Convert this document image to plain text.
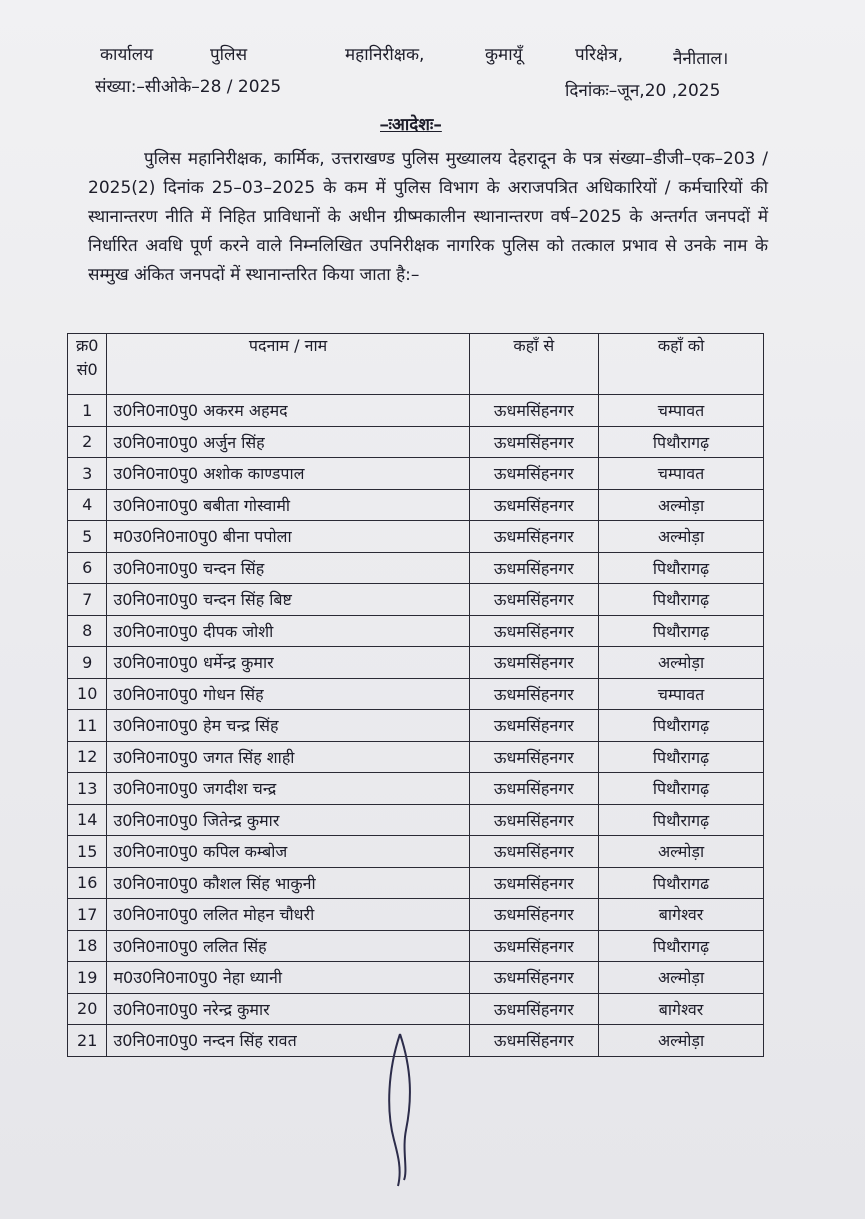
कार्यालय	पुलिस	महानिरीक्षक,	कुमायूँ	परिक्षेत्र,	नैनीताल।
संख्या:–सीओके–28 / 2025	दिनांकः–जून,20 ,2025
–ःआदेशः–
पुलिस महानिरीक्षक, कार्मिक, उत्तराखण्ड पुलिस मुख्यालय देहरादून के पत्र संख्या–डीजी–एक–203 / 2025(2) दिनांक 25–03–2025 के कम में पुलिस विभाग के अराजपत्रित अधिकारियों / कर्मचारियों की स्थानान्तरण नीति में निहित प्राविधानों के अधीन ग्रीष्मकालीन स्थानान्तरण वर्ष–2025 के अन्तर्गत जनपदों में निर्धारित अवधि पूर्ण करने वाले निम्नलिखित उपनिरीक्षक नागरिक पुलिस को तत्काल प्रभाव से उनके नाम के सम्मुख अंकित जनपदों में स्थानान्तरित किया जाता है:–
क्र0
सं0	पदनाम / नाम	कहाँ से	कहाँ को
1	उ0नि0ना0पु0 अकरम अहमद	ऊधमसिंहनगर	चम्पावत
2	उ0नि0ना0पु0 अर्जुन सिंह	ऊधमसिंहनगर	पिथौरागढ़
3	उ0नि0ना0पु0 अशोक काण्डपाल	ऊधमसिंहनगर	चम्पावत
4	उ0नि0ना0पु0 बबीता गोस्वामी	ऊधमसिंहनगर	अल्मोड़ा
5	म0उ0नि0ना0पु0 बीना पपोला	ऊधमसिंहनगर	अल्मोड़ा
6	उ0नि0ना0पु0 चन्दन सिंह	ऊधमसिंहनगर	पिथौरागढ़
7	उ0नि0ना0पु0 चन्दन सिंह बिष्ट	ऊधमसिंहनगर	पिथौरागढ़
8	उ0नि0ना0पु0 दीपक जोशी	ऊधमसिंहनगर	पिथौरागढ़
9	उ0नि0ना0पु0 धर्मेन्द्र कुमार	ऊधमसिंहनगर	अल्मोड़ा
10	उ0नि0ना0पु0 गोधन सिंह	ऊधमसिंहनगर	चम्पावत
11	उ0नि0ना0पु0 हेम चन्द्र सिंह	ऊधमसिंहनगर	पिथौरागढ़
12	उ0नि0ना0पु0 जगत सिंह शाही	ऊधमसिंहनगर	पिथौरागढ़
13	उ0नि0ना0पु0 जगदीश चन्द्र	ऊधमसिंहनगर	पिथौरागढ़
14	उ0नि0ना0पु0 जितेन्द्र कुमार	ऊधमसिंहनगर	पिथौरागढ़
15	उ0नि0ना0पु0 कपिल कम्बोज	ऊधमसिंहनगर	अल्मोड़ा
16	उ0नि0ना0पु0 कौशल सिंह भाकुनी	ऊधमसिंहनगर	पिथौरागढ
17	उ0नि0ना0पु0 ललित मोहन चौधरी	ऊधमसिंहनगर	बागेश्वर
18	उ0नि0ना0पु0 ललित सिंह	ऊधमसिंहनगर	पिथौरागढ़
19	म0उ0नि0ना0पु0 नेहा ध्यानी	ऊधमसिंहनगर	अल्मोड़ा
20	उ0नि0ना0पु0 नरेन्द्र कुमार	ऊधमसिंहनगर	बागेश्वर
21	उ0नि0ना0पु0 नन्दन सिंह रावत	ऊधमसिंहनगर	अल्मोड़ा
